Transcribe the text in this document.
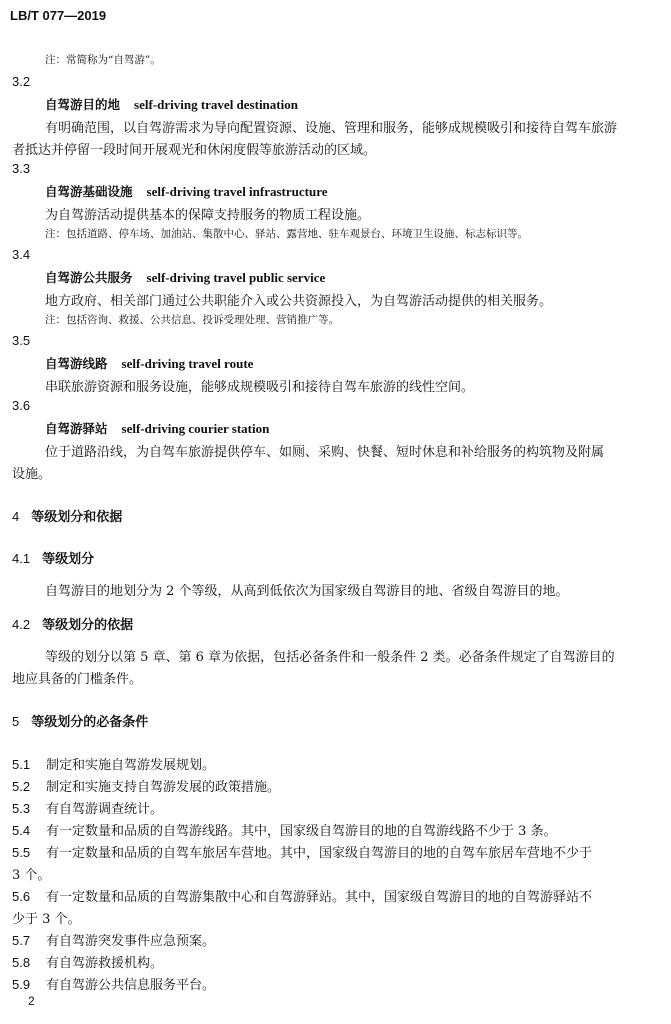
LB/T 077—2019
注：常简称为“自驾游”。
3.2
自驾游目的地 self-driving travel destination
有明确范围，以自驾游需求为导向配置资源、设施、管理和服务，能够成规模吸引和接待自驾车旅游
者抵达并停留一段时间开展观光和休闲度假等旅游活动的区域。
3.3
自驾游基础设施 self-driving travel infrastructure
为自驾游活动提供基本的保障支持服务的物质工程设施。
注：包括道路、停车场、加油站、集散中心、驿站、露营地、驻车观景台、环境卫生设施、标志标识等。
3.4
自驾游公共服务 self-driving travel public service
地方政府、相关部门通过公共职能介入或公共资源投入，为自驾游活动提供的相关服务。
注：包括咨询、救援、公共信息、投诉受理处理、营销推广等。
3.5
自驾游线路 self-driving travel route
串联旅游资源和服务设施，能够成规模吸引和接待自驾车旅游的线性空间。
3.6
自驾游驿站 self-driving courier station
位于道路沿线，为自驾车旅游提供停车、如厕、采购、快餐、短时休息和补给服务的构筑物及附属
设施。
4 等级划分和依据
4.1 等级划分
自驾游目的地划分为 2 个等级，从高到低依次为国家级自驾游目的地、省级自驾游目的地。
4.2 等级划分的依据
等级的划分以第 5 章、第 6 章为依据，包括必备条件和一般条件 2 类。必备条件规定了自驾游目的
地应具备的门槛条件。
5 等级划分的必备条件
5.1 制定和实施自驾游发展规划。
5.2 制定和实施支持自驾游发展的政策措施。
5.3 有自驾游调查统计。
5.4 有一定数量和品质的自驾游线路。其中，国家级自驾游目的地的自驾游线路不少于 3 条。
5.5 有一定数量和品质的自驾车旅居车营地。其中，国家级自驾游目的地的自驾车旅居车营地不少于
3 个。
5.6 有一定数量和品质的自驾游集散中心和自驾游驿站。其中，国家级自驾游目的地的自驾游驿站不
少于 3 个。
5.7 有自驾游突发事件应急预案。
5.8 有自驾游救援机构。
5.9 有自驾游公共信息服务平台。
2
